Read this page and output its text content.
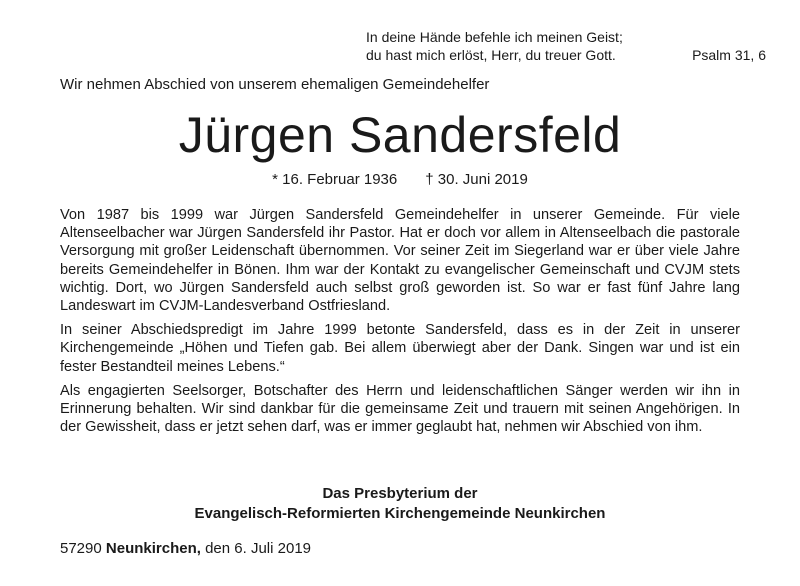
In deine Hände befehle ich meinen Geist;
du hast mich erlöst, Herr, du treuer Gott.	Psalm 31, 6
Wir nehmen Abschied von unserem ehemaligen Gemeindehelfer
Jürgen Sandersfeld
* 16. Februar 1936 † 30. Juni 2019

Von 1987 bis 1999 war Jürgen Sandersfeld Gemeindehelfer in unserer Gemeinde. Für viele Altenseelbacher war Jürgen Sandersfeld ihr Pastor. Hat er doch vor allem in Altenseelbach die pastorale Versorgung mit großer Leidenschaft übernommen. Vor seiner Zeit im Siegerland war er über viele Jahre bereits Gemeindehelfer in Bönen. Ihm war der Kontakt zu evangelischer Gemeinschaft und CVJM stets wichtig. Dort, wo Jürgen Sandersfeld auch selbst groß geworden ist. So war er fast fünf Jahre lang Landeswart im CVJM-Landesverband Ostfriesland.

In seiner Abschiedspredigt im Jahre 1999 betonte Sandersfeld, dass es in der Zeit in unserer Kirchengemeinde „Höhen und Tiefen gab. Bei allem überwiegt aber der Dank. Singen war und ist ein fester Bestandteil meines Lebens.“

Als engagierten Seelsorger, Botschafter des Herrn und leidenschaftlichen Sänger werden wir ihn in Erinnerung behalten. Wir sind dankbar für die gemeinsame Zeit und trauern mit seinen Angehörigen. In der Gewissheit, dass er jetzt sehen darf, was er immer geglaubt hat, nehmen wir Abschied von ihm.

Das Presbyterium der
Evangelisch-Reformierten Kirchengemeinde Neunkirchen
57290 Neunkirchen, den 6. Juli 2019
